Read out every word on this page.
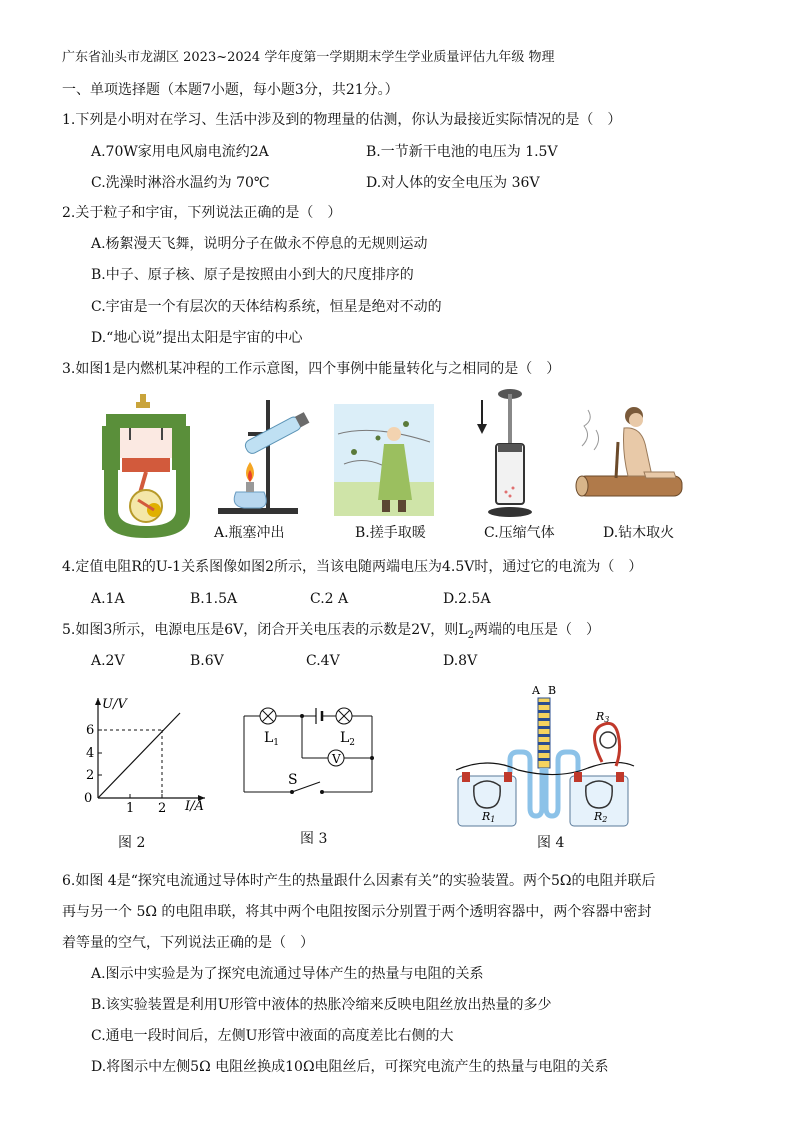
广东省汕头市龙湖区 2023~2024 学年度第一学期期末学生学业质量评估九年级 物理
一、单项选择题（本题7小题，每小题3分，共21分。）
1.下列是小明对在学习、生活中涉及到的物理量的估测，你认为最接近实际情况的是（　）
A.70W家用电风扇电流约2A	B.一节新干电池的电压为 1.5V
C.洗澡时淋浴水温约为 70℃	D.对人体的安全电压为 36V
2.关于粒子和宇宙，下列说法正确的是（　）
A.杨絮漫天飞舞，说明分子在做永不停息的无规则运动
B.中子、原子核、原子是按照由小到大的尺度排序的
C.宇宙是一个有层次的天体结构系统，恒星是绝对不动的
D.“地心说”提出太阳是宇宙的中心
3.如图1是内燃机某冲程的工作示意图，四个事例中能量转化与之相同的是（　）
A.瓶塞冲出	B.搓手取暖	C.压缩气体	D.钻木取火
4.定值电阻R的U-1关系图像如图2所示，当该电随两端电压为4.5V时，通过它的电流为（　）
A.1A	B.1.5A	C.2 A	D.2.5A
5.如图3所示，电源电压是6V，闭合开关电压表的示数是2V，则$L_2$两端的电压是（　）
A.2V	B.6V	C.4V	D.8V
U/V
I/A
0
2
4
6
1 2
图 2
V
$L_1$	$L_2$
S
图 3
A B
R3
R1	R2
图 4
6.如图 4是“探究电流通过导体时产生的热量跟什么因素有关”的实验装置。两个5Ω的电阻并联后
再与另一个 5Ω 的电阻串联，将其中两个电阻按图示分别置于两个透明容器中，两个容器中密封
着等量的空气，下列说法正确的是（　）
A.图示中实验是为了探究电流通过导体产生的热量与电阻的关系
B.该实验装置是利用U形管中液体的热胀冷缩来反映电阻丝放出热量的多少
C.通电一段时间后，左侧U形管中液面的高度差比右侧的大
D.将图示中左侧5Ω 电阻丝换成10Ω电阻丝后，可探究电流产生的热量与电阻的关系
